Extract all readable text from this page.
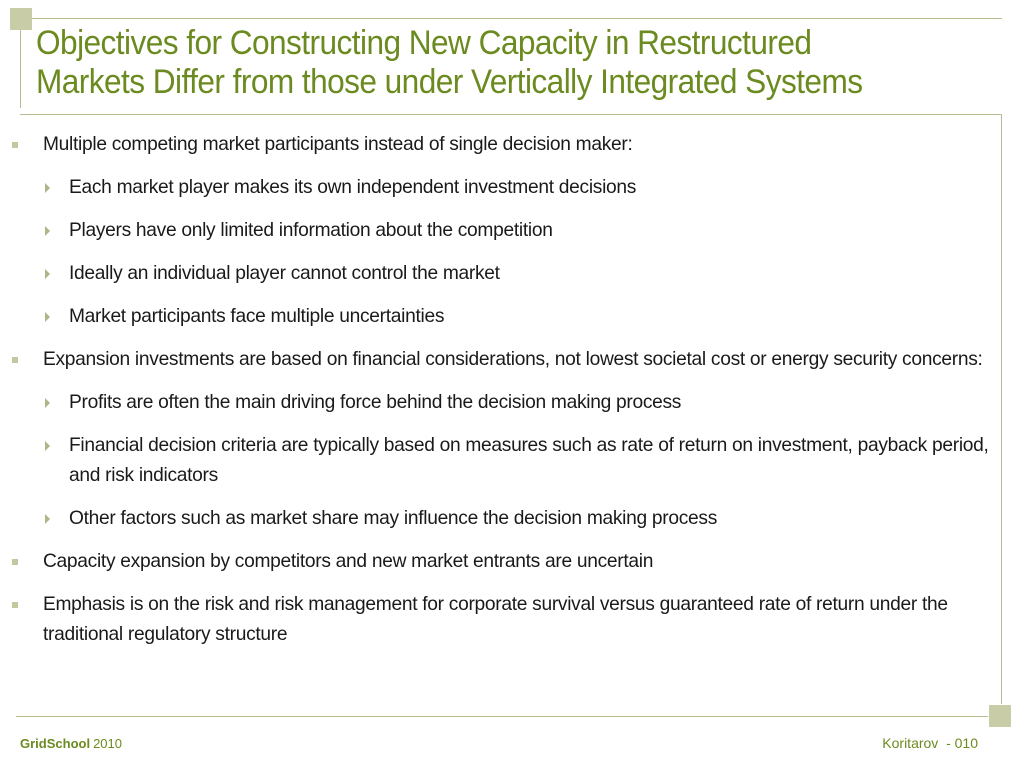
Objectives for Constructing New Capacity in Restructured
Markets Differ from those under Vertically Integrated Systems
Multiple competing market participants instead of single decision maker:
Each market player makes its own independent investment decisions
Players have only limited information about the competition
Ideally an individual player cannot control the market
Market participants face multiple uncertainties
Expansion investments are based on financial considerations, not lowest societal cost or energy security concerns:
Profits are often the main driving force behind the decision making process
Financial decision criteria are typically based on measures such as rate of return on investment, payback period, and risk indicators
Other factors such as market share may influence the decision making process
Capacity expansion by competitors and new market entrants are uncertain
Emphasis is on the risk and risk management for corporate survival versus guaranteed rate of return under the traditional regulatory structure
GridSchool 2010	Koritarov  - 010
